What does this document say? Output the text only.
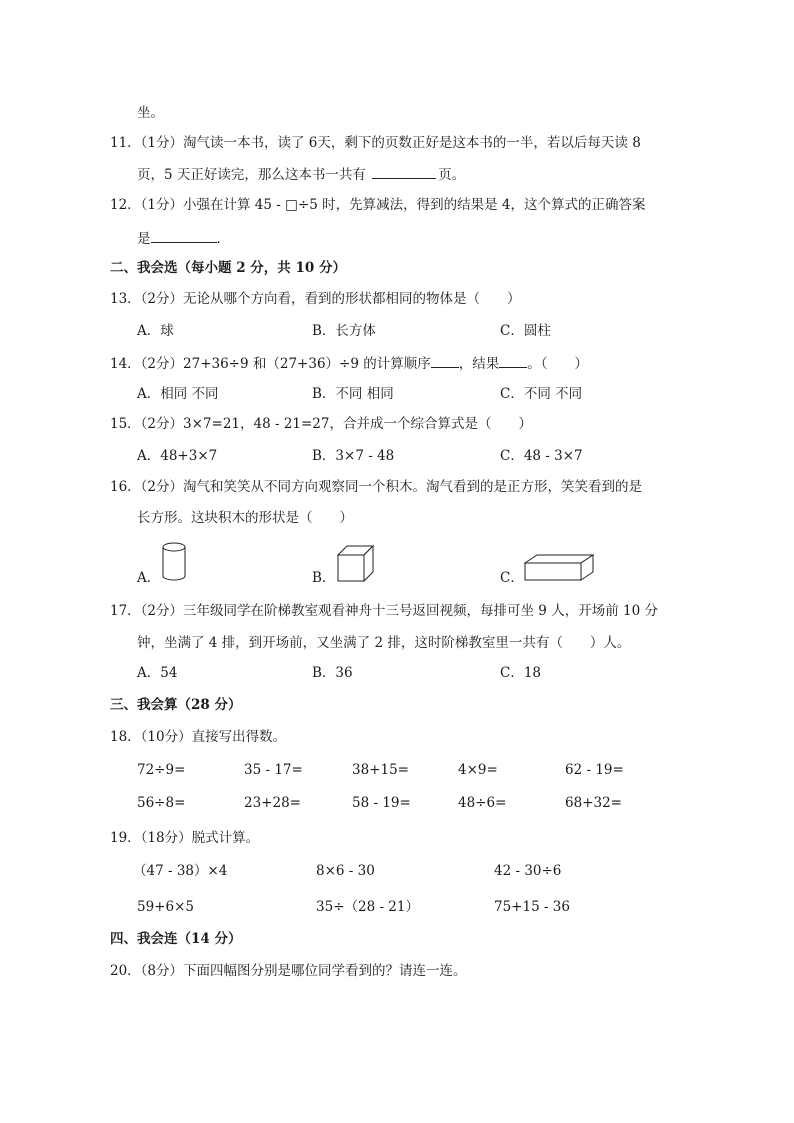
坐。
11．（1分）淘气读一本书，读了 6天，剩下的页数正好是这本书的一半，若以后每天读 8
页，5 天正好读完，那么这本书一共有	页。
12．（1分）小强在计算 45 - □÷5 时，先算减法，得到的结果是 4，这个算式的正确答案
是	．
二、我会选（每小题 2 分，共 10 分）
13．（2分）无论从哪个方向看，看到的形状都相同的物体是（　　）
A．球	B．长方体	C．圆柱
14．（2分）27+36÷9 和（27+36）÷9 的计算顺序 ，结果 。（　　）
A．相同 不同	B．不同 相同	C．不同 不同
15．（2分）3×7=21，48 - 21=27，合并成一个综合算式是（　　）
A．48+3×7	B．3×7 - 48	C．48 - 3×7
16．（2分）淘气和笑笑从不同方向观察同一个积木。淘气看到的是正方形，笑笑看到的是
长方形。这块积木的形状是（　　）
A．	B．	C．
17．（2分）三年级同学在阶梯教室观看神舟十三号返回视频，每排可坐 9 人，开场前 10 分
钟，坐满了 4 排，到开场前，又坐满了 2 排，这时阶梯教室里一共有（　　）人。
A．54	B．36	C．18
三、我会算（28 分）
18．（10分）直接写出得数。
72÷9=	35 - 17=	38+15=	4×9=	62 - 19=
56÷8=	23+28=	58 - 19=	48÷6=	68+32=
19．（18分）脱式计算。
（47 - 38）×4	8×6 - 30	42 - 30÷6
59+6×5	35÷（28 - 21）	75+15 - 36
四、我会连（14 分）
20．（8分）下面四幅图分别是哪位同学看到的？请连一连。
